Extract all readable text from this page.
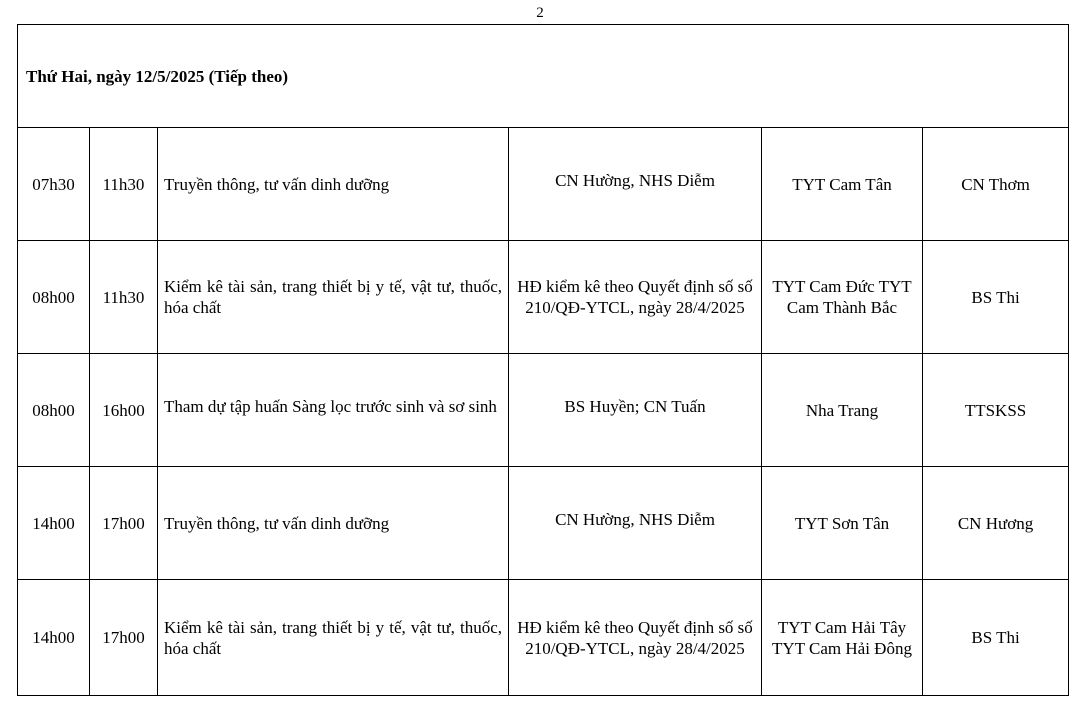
2
Thứ Hai, ngày 12/5/2025 (Tiếp theo)					
07h30	11h30	Truyền thông, tư vấn dinh dưỡng	CN Hường, NHS Diễm	TYT Cam Tân	CN Thơm
08h00	11h30	Kiểm kê tài sản, trang thiết bị y tế, vật tư, thuốc, hóa chất	HĐ kiểm kê theo Quyết định số số 210/QĐ-YTCL, ngày 28/4/2025	TYT Cam Đức TYT Cam Thành Bắc	BS Thi
08h00	16h00	Tham dự tập huấn Sàng lọc trước sinh và sơ sinh	BS Huyền; CN Tuấn	Nha Trang	TTSKSS
14h00	17h00	Truyền thông, tư vấn dinh dưỡng	CN Hường, NHS Diễm	TYT Sơn Tân	CN Hương
14h00	17h00	Kiểm kê tài sản, trang thiết bị y tế, vật tư, thuốc, hóa chất	HĐ kiểm kê theo Quyết định số số 210/QĐ-YTCL, ngày 28/4/2025	TYT Cam Hải Tây TYT Cam Hải Đông	BS Thi
